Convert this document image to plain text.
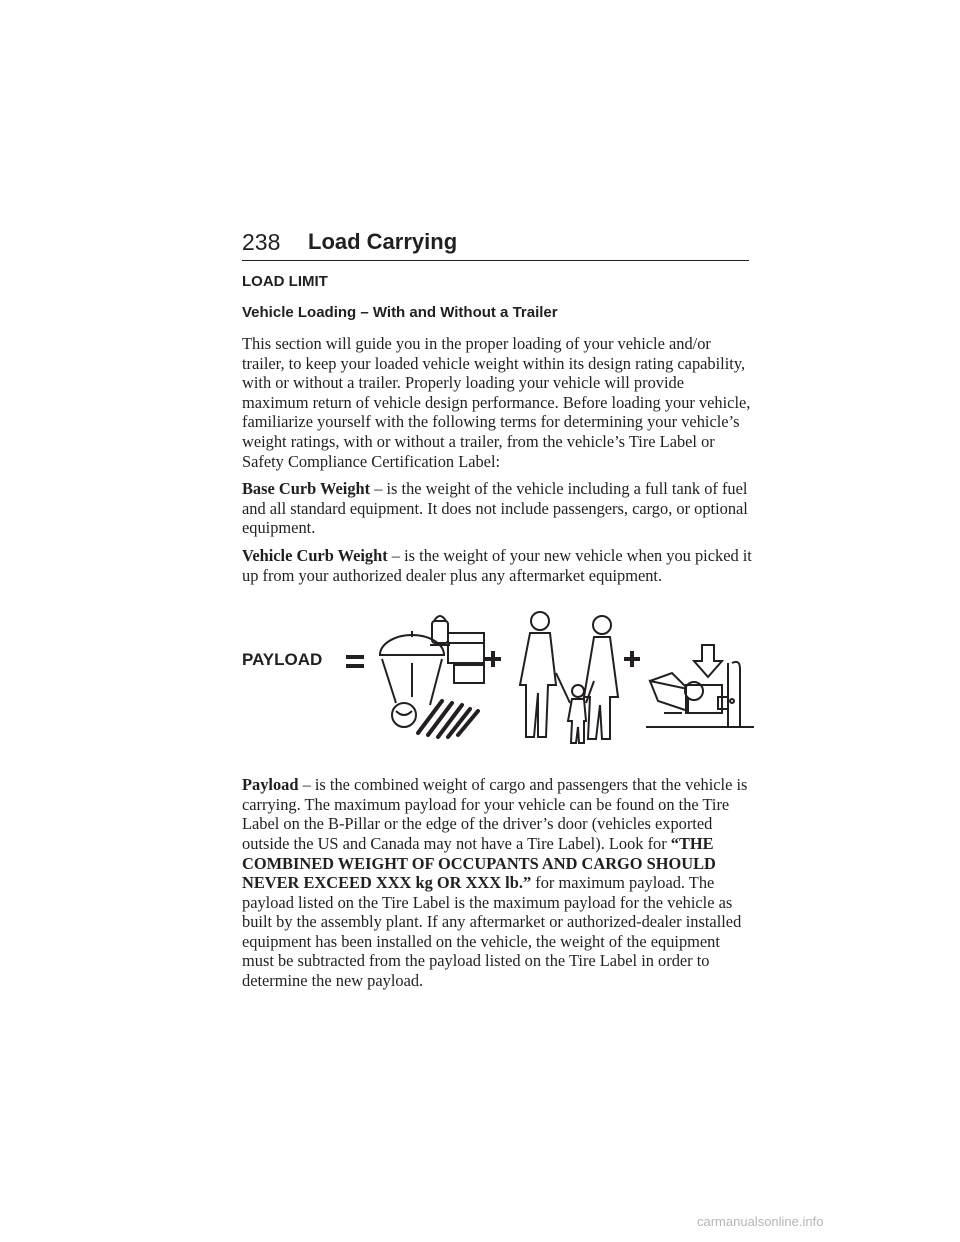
238 Load Carrying
LOAD LIMIT
Vehicle Loading – With and Without a Trailer

This section will guide you in the proper loading of your vehicle and/or trailer, to keep your loaded vehicle weight within its design rating capability, with or without a trailer. Properly loading your vehicle will provide maximum return of vehicle design performance. Before loading your vehicle, familiarize yourself with the following terms for determining your vehicle’s weight ratings, with or without a trailer, from the vehicle’s Tire Label or Safety Compliance Certification Label:

Base Curb Weight – is the weight of the vehicle including a full tank of fuel and all standard equipment. It does not include passengers, cargo, or optional equipment.

Vehicle Curb Weight – is the weight of your new vehicle when you picked it up from your authorized dealer plus any aftermarket equipment.

PAYLOAD

Payload – is the combined weight of cargo and passengers that the vehicle is carrying. The maximum payload for your vehicle can be found on the Tire Label on the B-Pillar or the edge of the driver’s door (vehicles exported outside the US and Canada may not have a Tire Label). Look for “THE COMBINED WEIGHT OF OCCUPANTS AND CARGO SHOULD NEVER EXCEED XXX kg OR XXX lb.” for maximum payload. The payload listed on the Tire Label is the maximum payload for the vehicle as built by the assembly plant. If any aftermarket or authorized-dealer installed equipment has been installed on the vehicle, the weight of the equipment must be subtracted from the payload listed on the Tire Label in order to determine the new payload.

carmanualsonline.info
